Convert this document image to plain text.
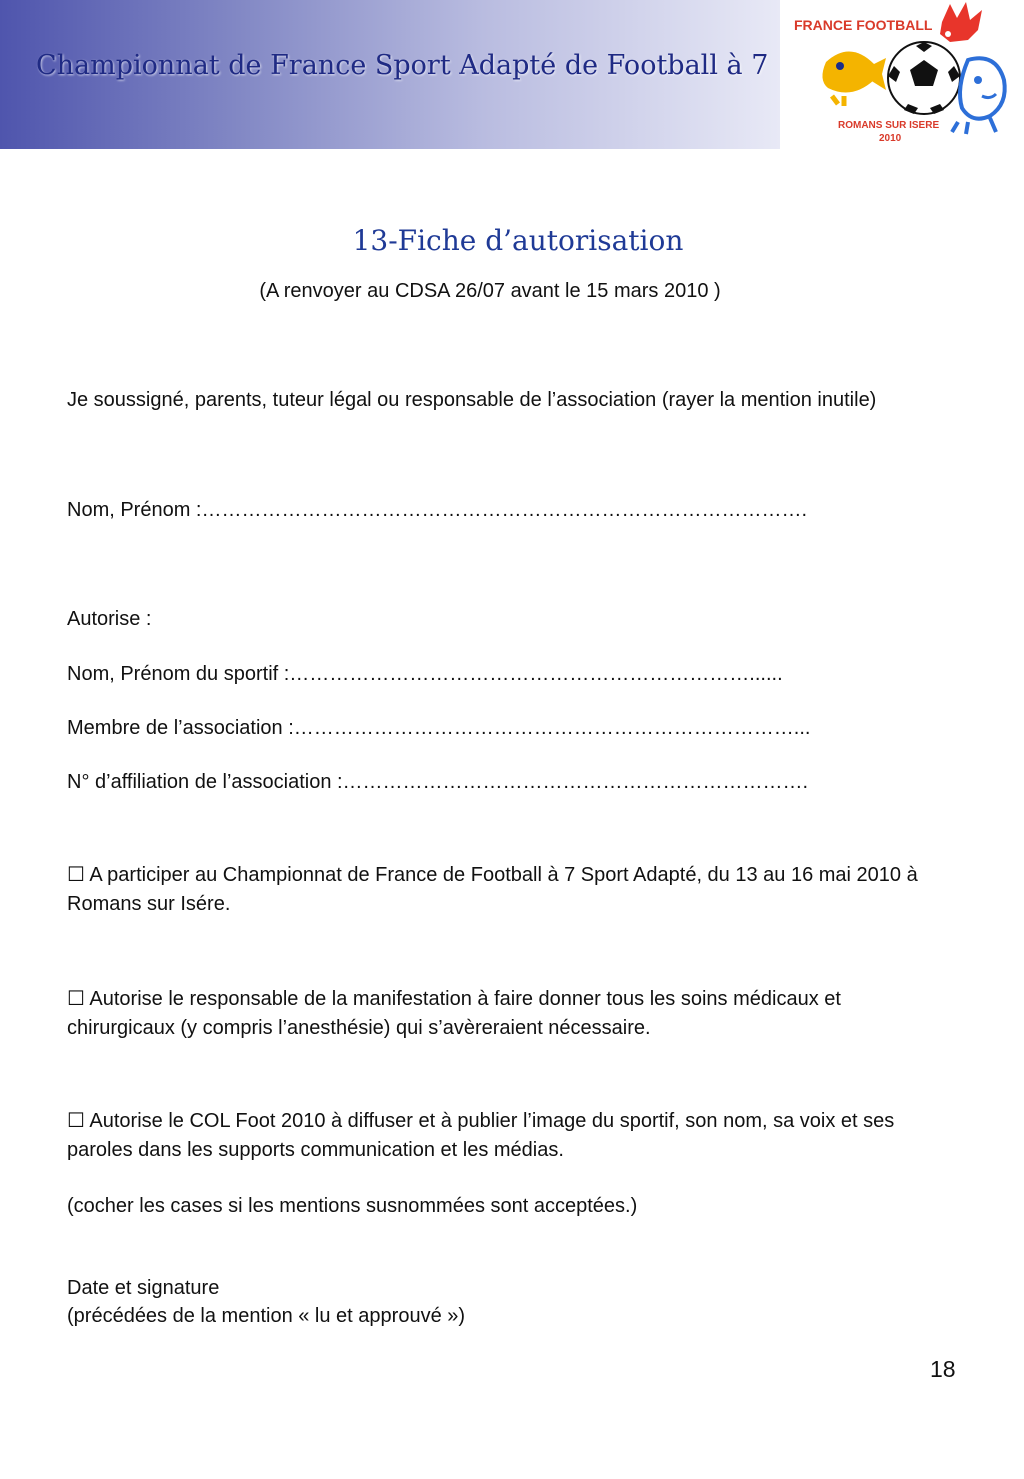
Championnat de France Sport Adapté de Football à 7
FRANCE FOOTBALL
ROMANS SUR ISERE
2010
13-Fiche d’autorisation
(A renvoyer au CDSA 26/07 avant le 15 mars 2010 )
Je soussigné, parents, tuteur légal ou responsable de l’association (rayer la mention inutile)
Nom, Prénom :……………………………………………………………………………….
Autorise :
Nom, Prénom du sportif :……………………………………………………………......
Membre de l’association :…………………………………………………………………...
N° d’affiliation de l’association :…………………………………………………………….
☐ A participer au Championnat de France de Football à 7 Sport Adapté, du 13 au 16 mai 2010 à Romans sur Isére.
☐ Autorise le responsable de la manifestation à faire donner tous les soins médicaux et chirurgicaux (y compris l’anesthésie) qui s’avèreraient nécessaire.
☐ Autorise le COL Foot 2010 à diffuser et à publier l’image du sportif, son nom, sa voix et ses paroles dans les supports communication et les médias.
(cocher les cases si les mentions susnommées sont acceptées.)
Date et signature
(précédées de la mention « lu et approuvé »)
18
